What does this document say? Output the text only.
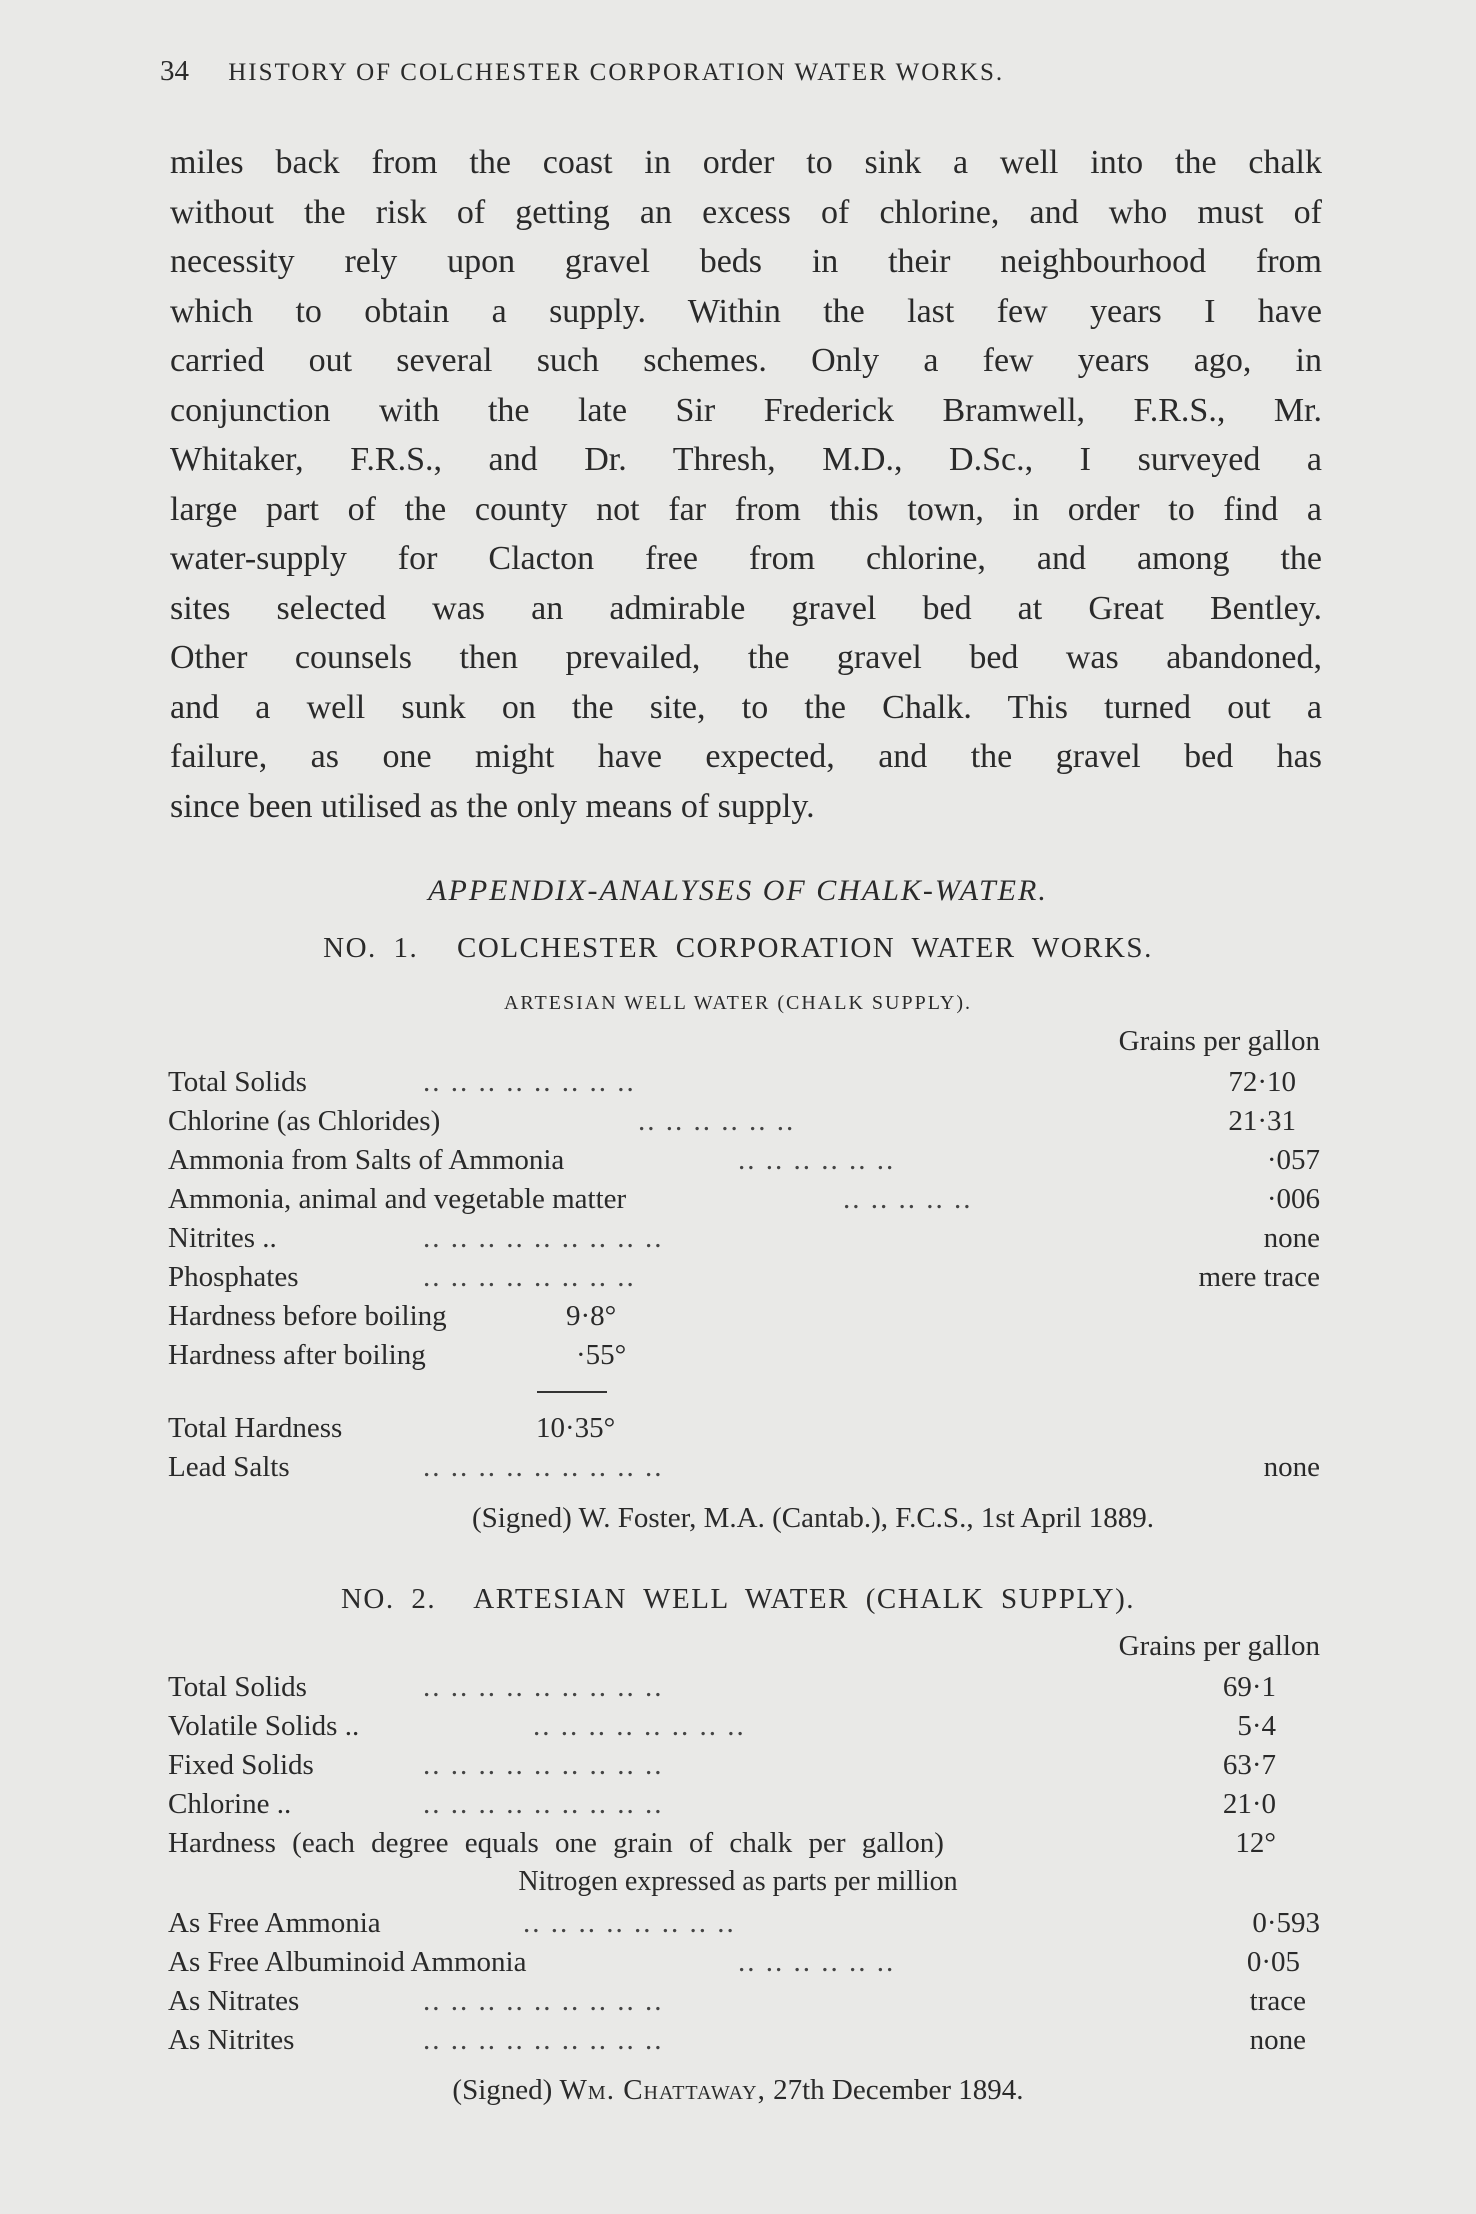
34 HISTORY OF COLCHESTER CORPORATION WATER WORKS.
miles back from the coast in order to sink a well into the chalk
without the risk of getting an excess of chlorine, and who must of
necessity rely upon gravel beds in their neighbourhood from
which to obtain a supply. Within the last few years I have
carried out several such schemes. Only a few years ago, in
conjunction with the late Sir Frederick Bramwell, F.R.S., Mr.
Whitaker, F.R.S., and Dr. Thresh, M.D., D.Sc., I surveyed a
large part of the county not far from this town, in order to find a
water-supply for Clacton free from chlorine, and among the
sites selected was an admirable gravel bed at Great Bentley.
Other counsels then prevailed, the gravel bed was abandoned,
and a well sunk on the site, to the Chalk. This turned out a
failure, as one might have expected, and the gravel bed has
since been utilised as the only means of supply.
APPENDIX-ANALYSES OF CHALK-WATER.
NO. 1. COLCHESTER CORPORATION WATER WORKS.
ARTESIAN WELL WATER (CHALK SUPPLY).
Grains per gallon
Total Solids	.. .. .. .. .. .. .. ..	72·10
Chlorine (as Chlorides)	.. .. .. .. .. ..	21·31
Ammonia from Salts of Ammonia	.. .. .. .. .. ..	·057
Ammonia, animal and vegetable matter	.. .. .. .. ..	·006
Nitrites ..	.. .. .. .. .. .. .. .. ..	none
Phosphates	.. .. .. .. .. .. .. ..	mere trace
Hardness before boiling	9·8°
Hardness after boiling	·55°
Total Hardness	10·35°
Lead Salts	.. .. .. .. .. .. .. .. ..	none
(Signed) W. Foster, M.A. (Cantab.), F.C.S., 1st April 1889.
NO. 2. ARTESIAN WELL WATER (CHALK SUPPLY).
Grains per gallon
Total Solids	.. .. .. .. .. .. .. .. ..	69·1
Volatile Solids ..	.. .. .. .. .. .. .. ..	5·4
Fixed Solids	.. .. .. .. .. .. .. .. ..	63·7
Chlorine ..	.. .. .. .. .. .. .. .. ..	21·0
Hardness (each degree equals one grain of chalk per gallon)	12°
Nitrogen expressed as parts per million
As Free Ammonia	.. .. .. .. .. .. .. ..	0·593
As Free Albuminoid Ammonia	.. .. .. .. .. ..	0·05
As Nitrates	.. .. .. .. .. .. .. .. ..	trace
As Nitrites	.. .. .. .. .. .. .. .. ..	none
(Signed) Wm. Chattaway, 27th December 1894.
